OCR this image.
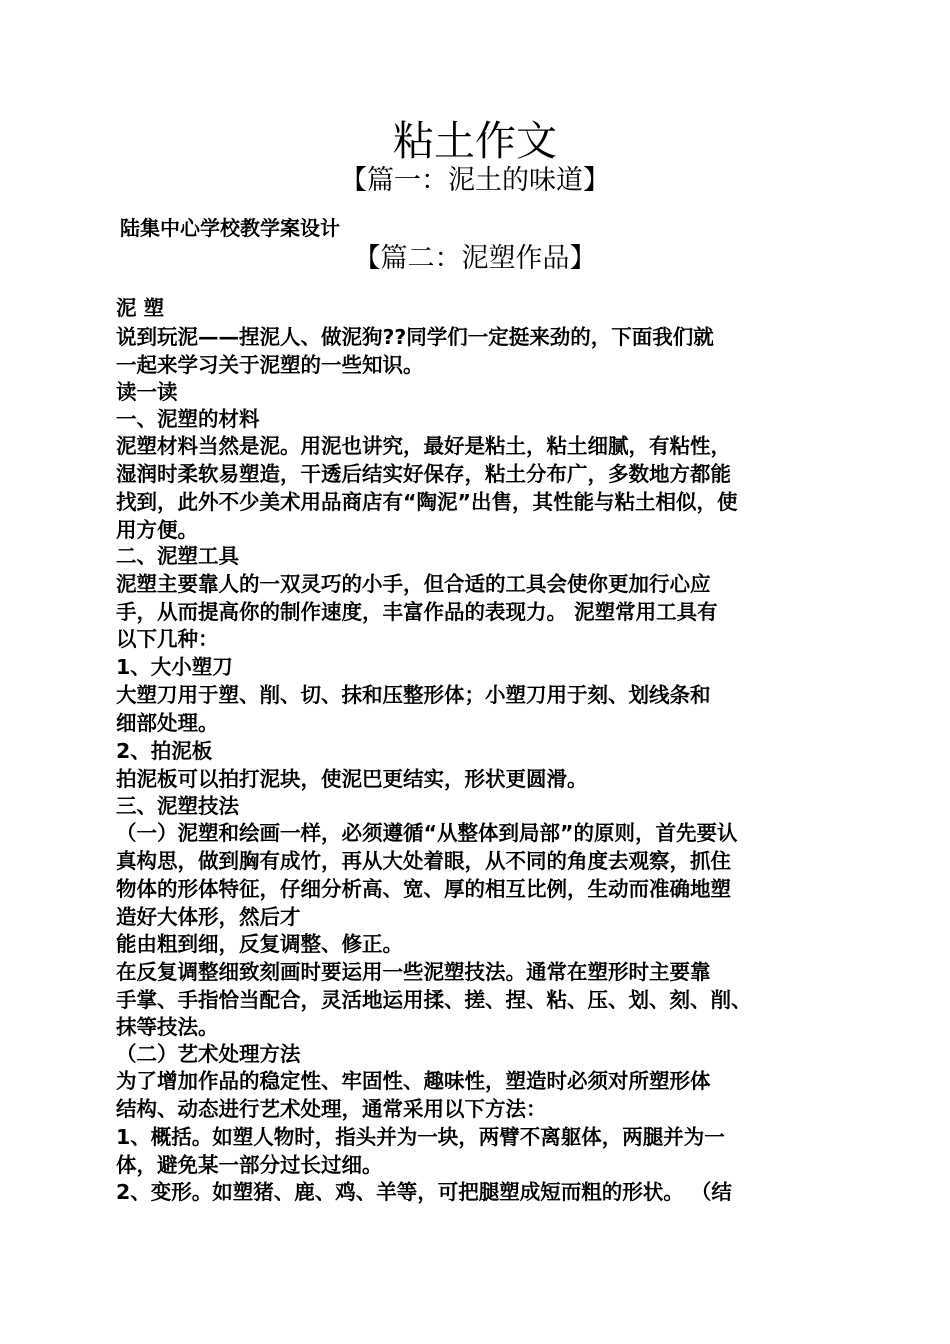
粘土作文
【篇一：泥土的味道】
陆集中心学校教学案设计
【篇二：泥塑作品】
泥 塑
说到玩泥——捏泥人、做泥狗??同学们一定挺来劲的，下面我们就
一起来学习关于泥塑的一些知识。
读一读
一、泥塑的材料
泥塑材料当然是泥。用泥也讲究，最好是粘土，粘土细腻，有粘性，
湿润时柔软易塑造，干透后结实好保存，粘土分布广，多数地方都能
找到，此外不少美术用品商店有“陶泥”出售，其性能与粘土相似，使
用方便。
二、泥塑工具
泥塑主要靠人的一双灵巧的小手，但合适的工具会使你更加行心应
手，从而提高你的制作速度，丰富作品的表现力。 泥塑常用工具有
以下几种：
1、大小塑刀
大塑刀用于塑、削、切、抹和压整形体；小塑刀用于刻、划线条和
细部处理。
2、拍泥板
拍泥板可以拍打泥块，使泥巴更结实，形状更圆滑。
三、泥塑技法
（一）泥塑和绘画一样，必须遵循“从整体到局部”的原则，首先要认
真构思，做到胸有成竹，再从大处着眼，从不同的角度去观察，抓住
物体的形体特征，仔细分析高、宽、厚的相互比例，生动而准确地塑
造好大体形，然后才
能由粗到细，反复调整、修正。
在反复调整细致刻画时要运用一些泥塑技法。通常在塑形时主要靠
手掌、手指恰当配合，灵活地运用揉、搓、捏、粘、压、划、刻、削、
抹等技法。
（二）艺术处理方法
为了增加作品的稳定性、牢固性、趣味性，塑造时必须对所塑形体
结构、动态进行艺术处理，通常采用以下方法：
1、概括。如塑人物时，指头并为一块，两臂不离躯体，两腿并为一
体，避免某一部分过长过细。
2、变形。如塑猪、鹿、鸡、羊等，可把腿塑成短而粗的形状。 （结
